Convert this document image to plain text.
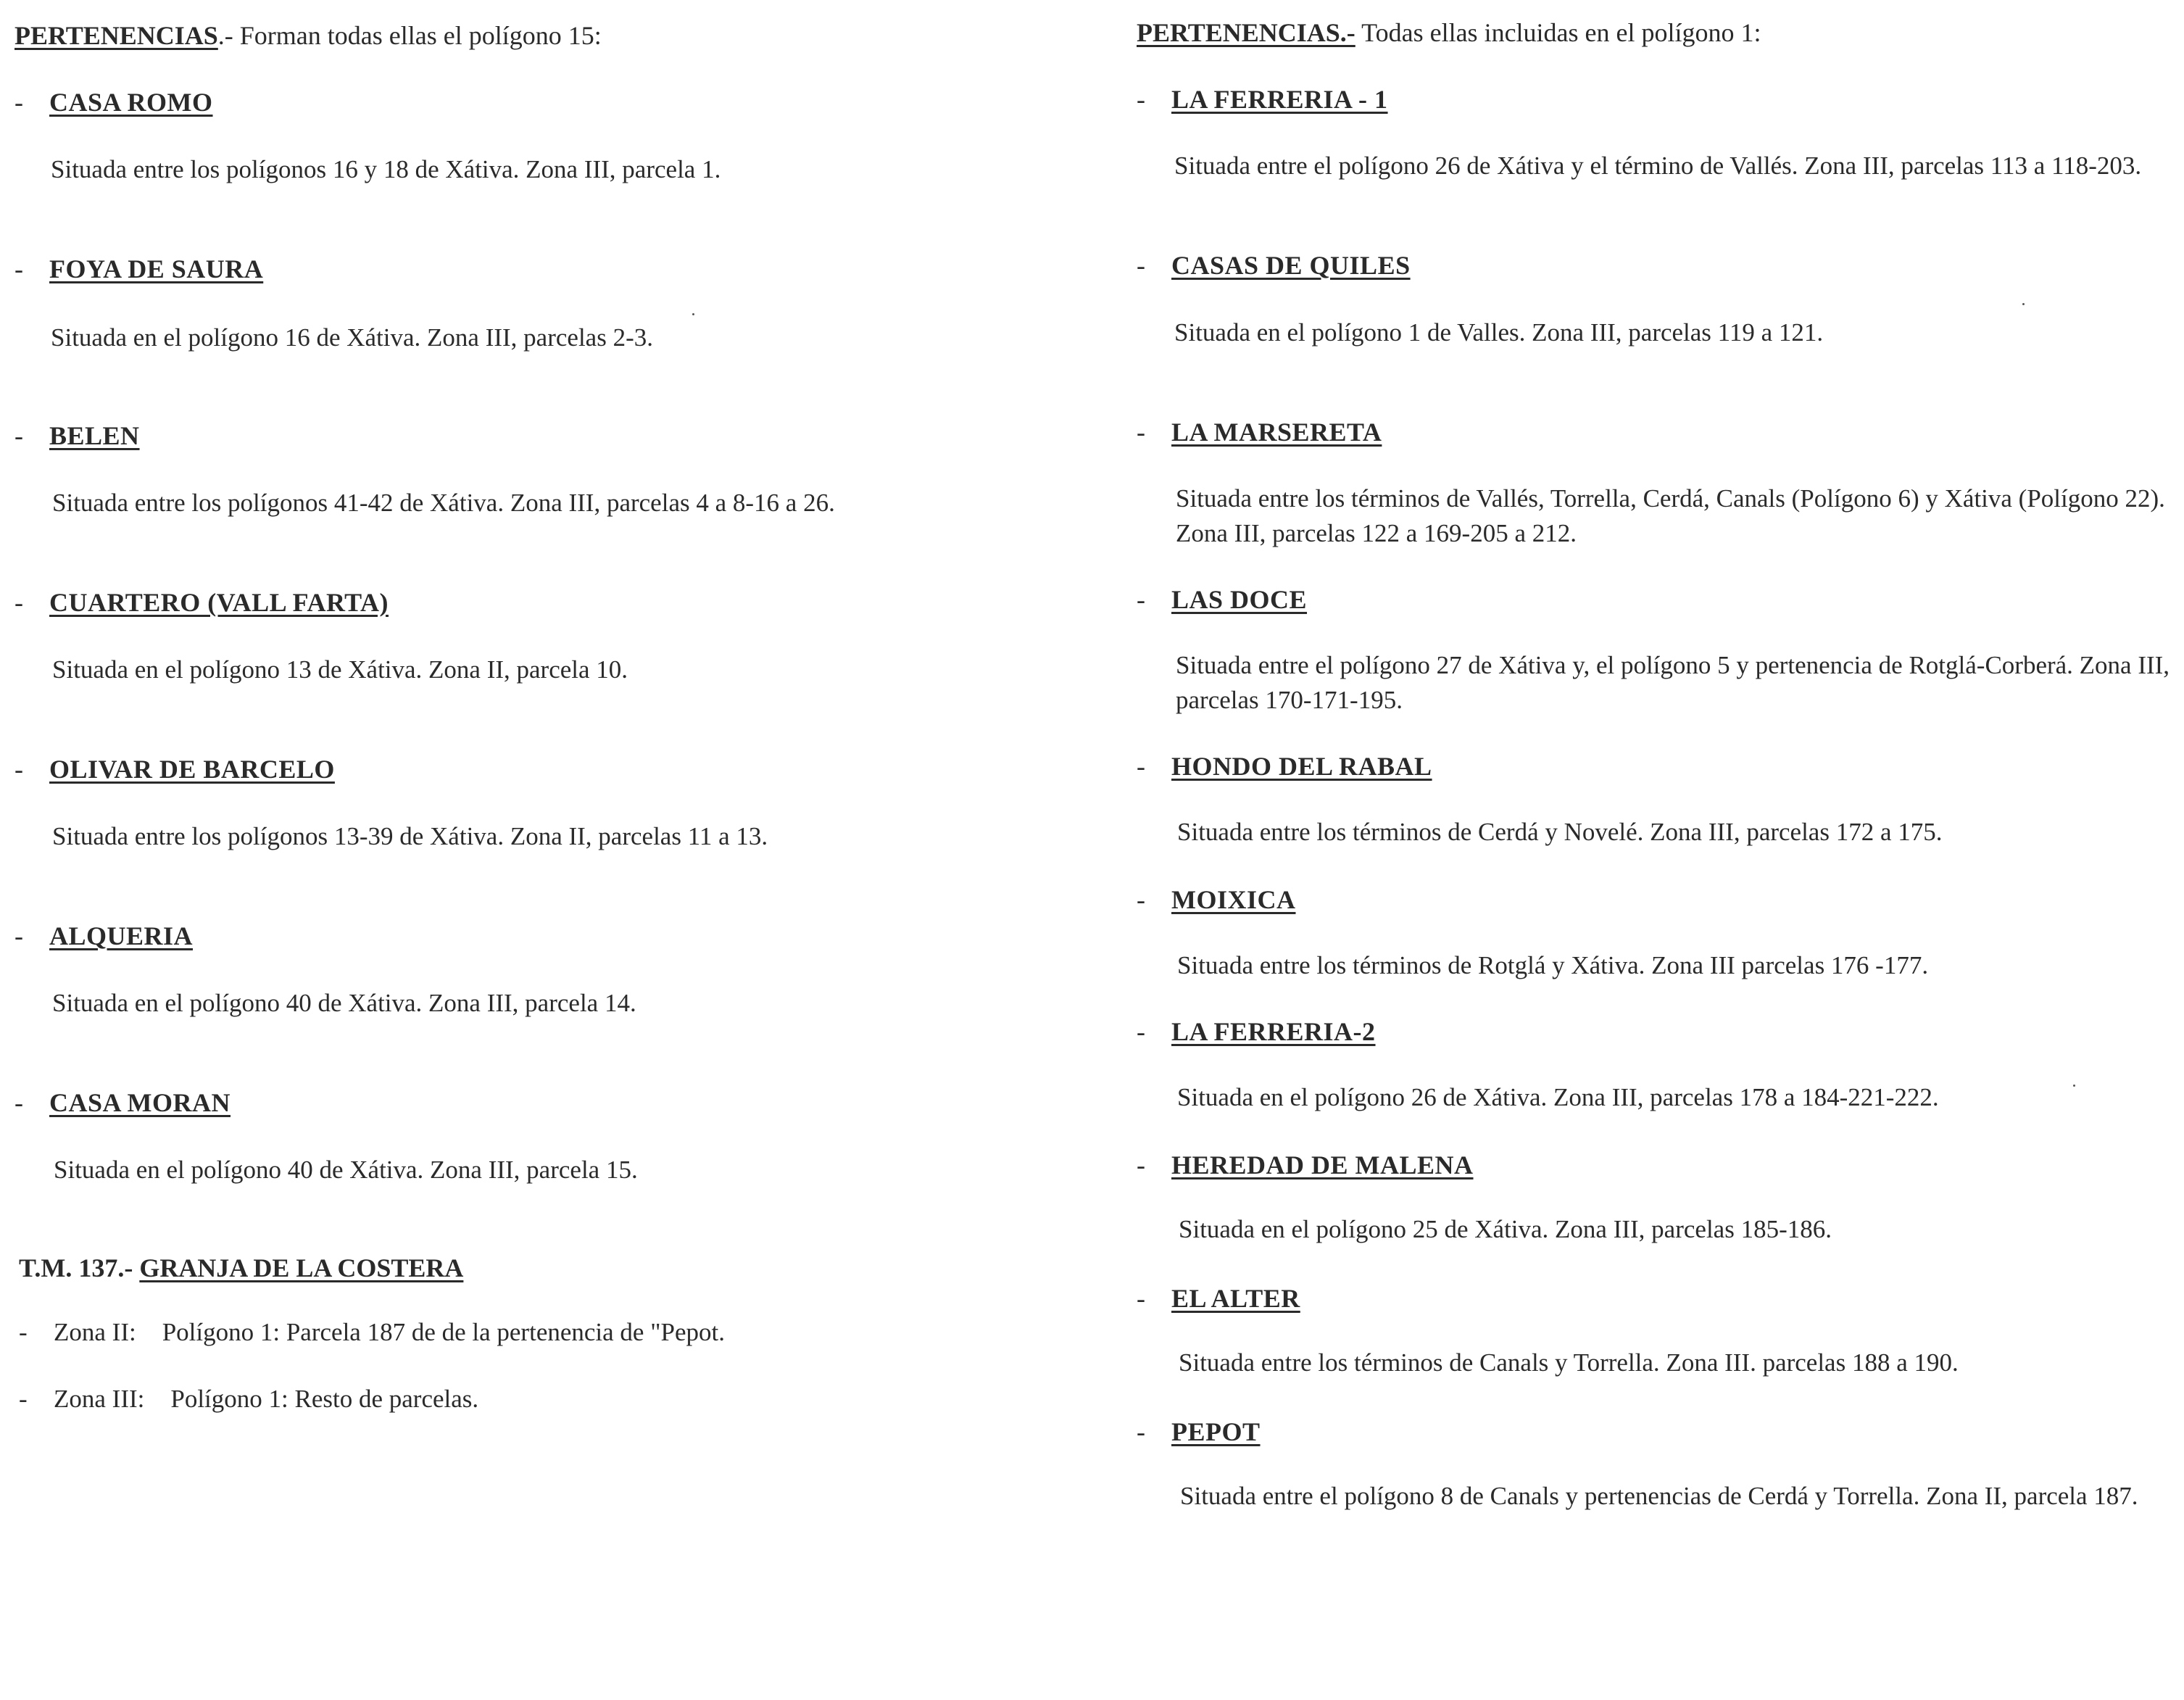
PERTENENCIAS.- Forman todas ellas el polígono 15:
- CASA ROMO
Situada entre los polígonos 16 y 18 de Xátiva. Zona III, parcela 1.
- FOYA DE SAURA
Situada en el polígono 16 de Xátiva. Zona III, parcelas 2-3.
- BELEN
Situada entre los polígonos 41-42 de Xátiva. Zona III, parcelas 4 a 8-16 a 26.
- CUARTERO (VALL FARTA)
Situada en el polígono 13 de Xátiva. Zona II, parcela 10.
- OLIVAR DE BARCELO
Situada entre los polígonos 13-39 de Xátiva. Zona II, parcelas 11 a 13.
- ALQUERIA
Situada en el polígono 40 de Xátiva. Zona III, parcela 14.
- CASA MORAN
Situada en el polígono 40 de Xátiva. Zona III, parcela 15.
T.M. 137.- GRANJA DE LA COSTERA
- Zona II: Polígono 1: Parcela 187 de de la pertenencia de "Pepot.
- Zona III: Polígono 1: Resto de parcelas.
PERTENENCIAS.- Todas ellas incluidas en el polígono 1:
- LA FERRERIA - 1
Situada entre el polígono 26 de Xátiva y el término de Vallés. Zona III, parcelas 113 a 118-203.
- CASAS DE QUILES
Situada en el polígono 1 de Valles. Zona III, parcelas 119 a 121.
- LA MARSERETA
Situada entre los términos de Vallés, Torrella, Cerdá, Canals (Polígono 6) y Xátiva (Polígono 22). Zona III, parcelas 122 a 169-205 a 212.
- LAS DOCE
Situada entre el polígono 27 de Xátiva y, el polígono 5 y pertenencia de Rotglá-Corberá. Zona III, parcelas 170-171-195.
- HONDO DEL RABAL
Situada entre los términos de Cerdá y Novelé. Zona III, parcelas 172 a 175.
- MOIXICA
Situada entre los términos de Rotglá y Xátiva. Zona III parcelas 176 -177.
- LA FERRERIA-2
Situada en el polígono 26 de Xátiva. Zona III, parcelas 178 a 184-221-222.
- HEREDAD DE MALENA
Situada en el polígono 25 de Xátiva. Zona III, parcelas 185-186.
- EL ALTER
Situada entre los términos de Canals y Torrella. Zona III. parcelas 188 a 190.
- PEPOT
Situada entre el polígono 8 de Canals y pertenencias de Cerdá y Torrella. Zona II, parcela 187.
